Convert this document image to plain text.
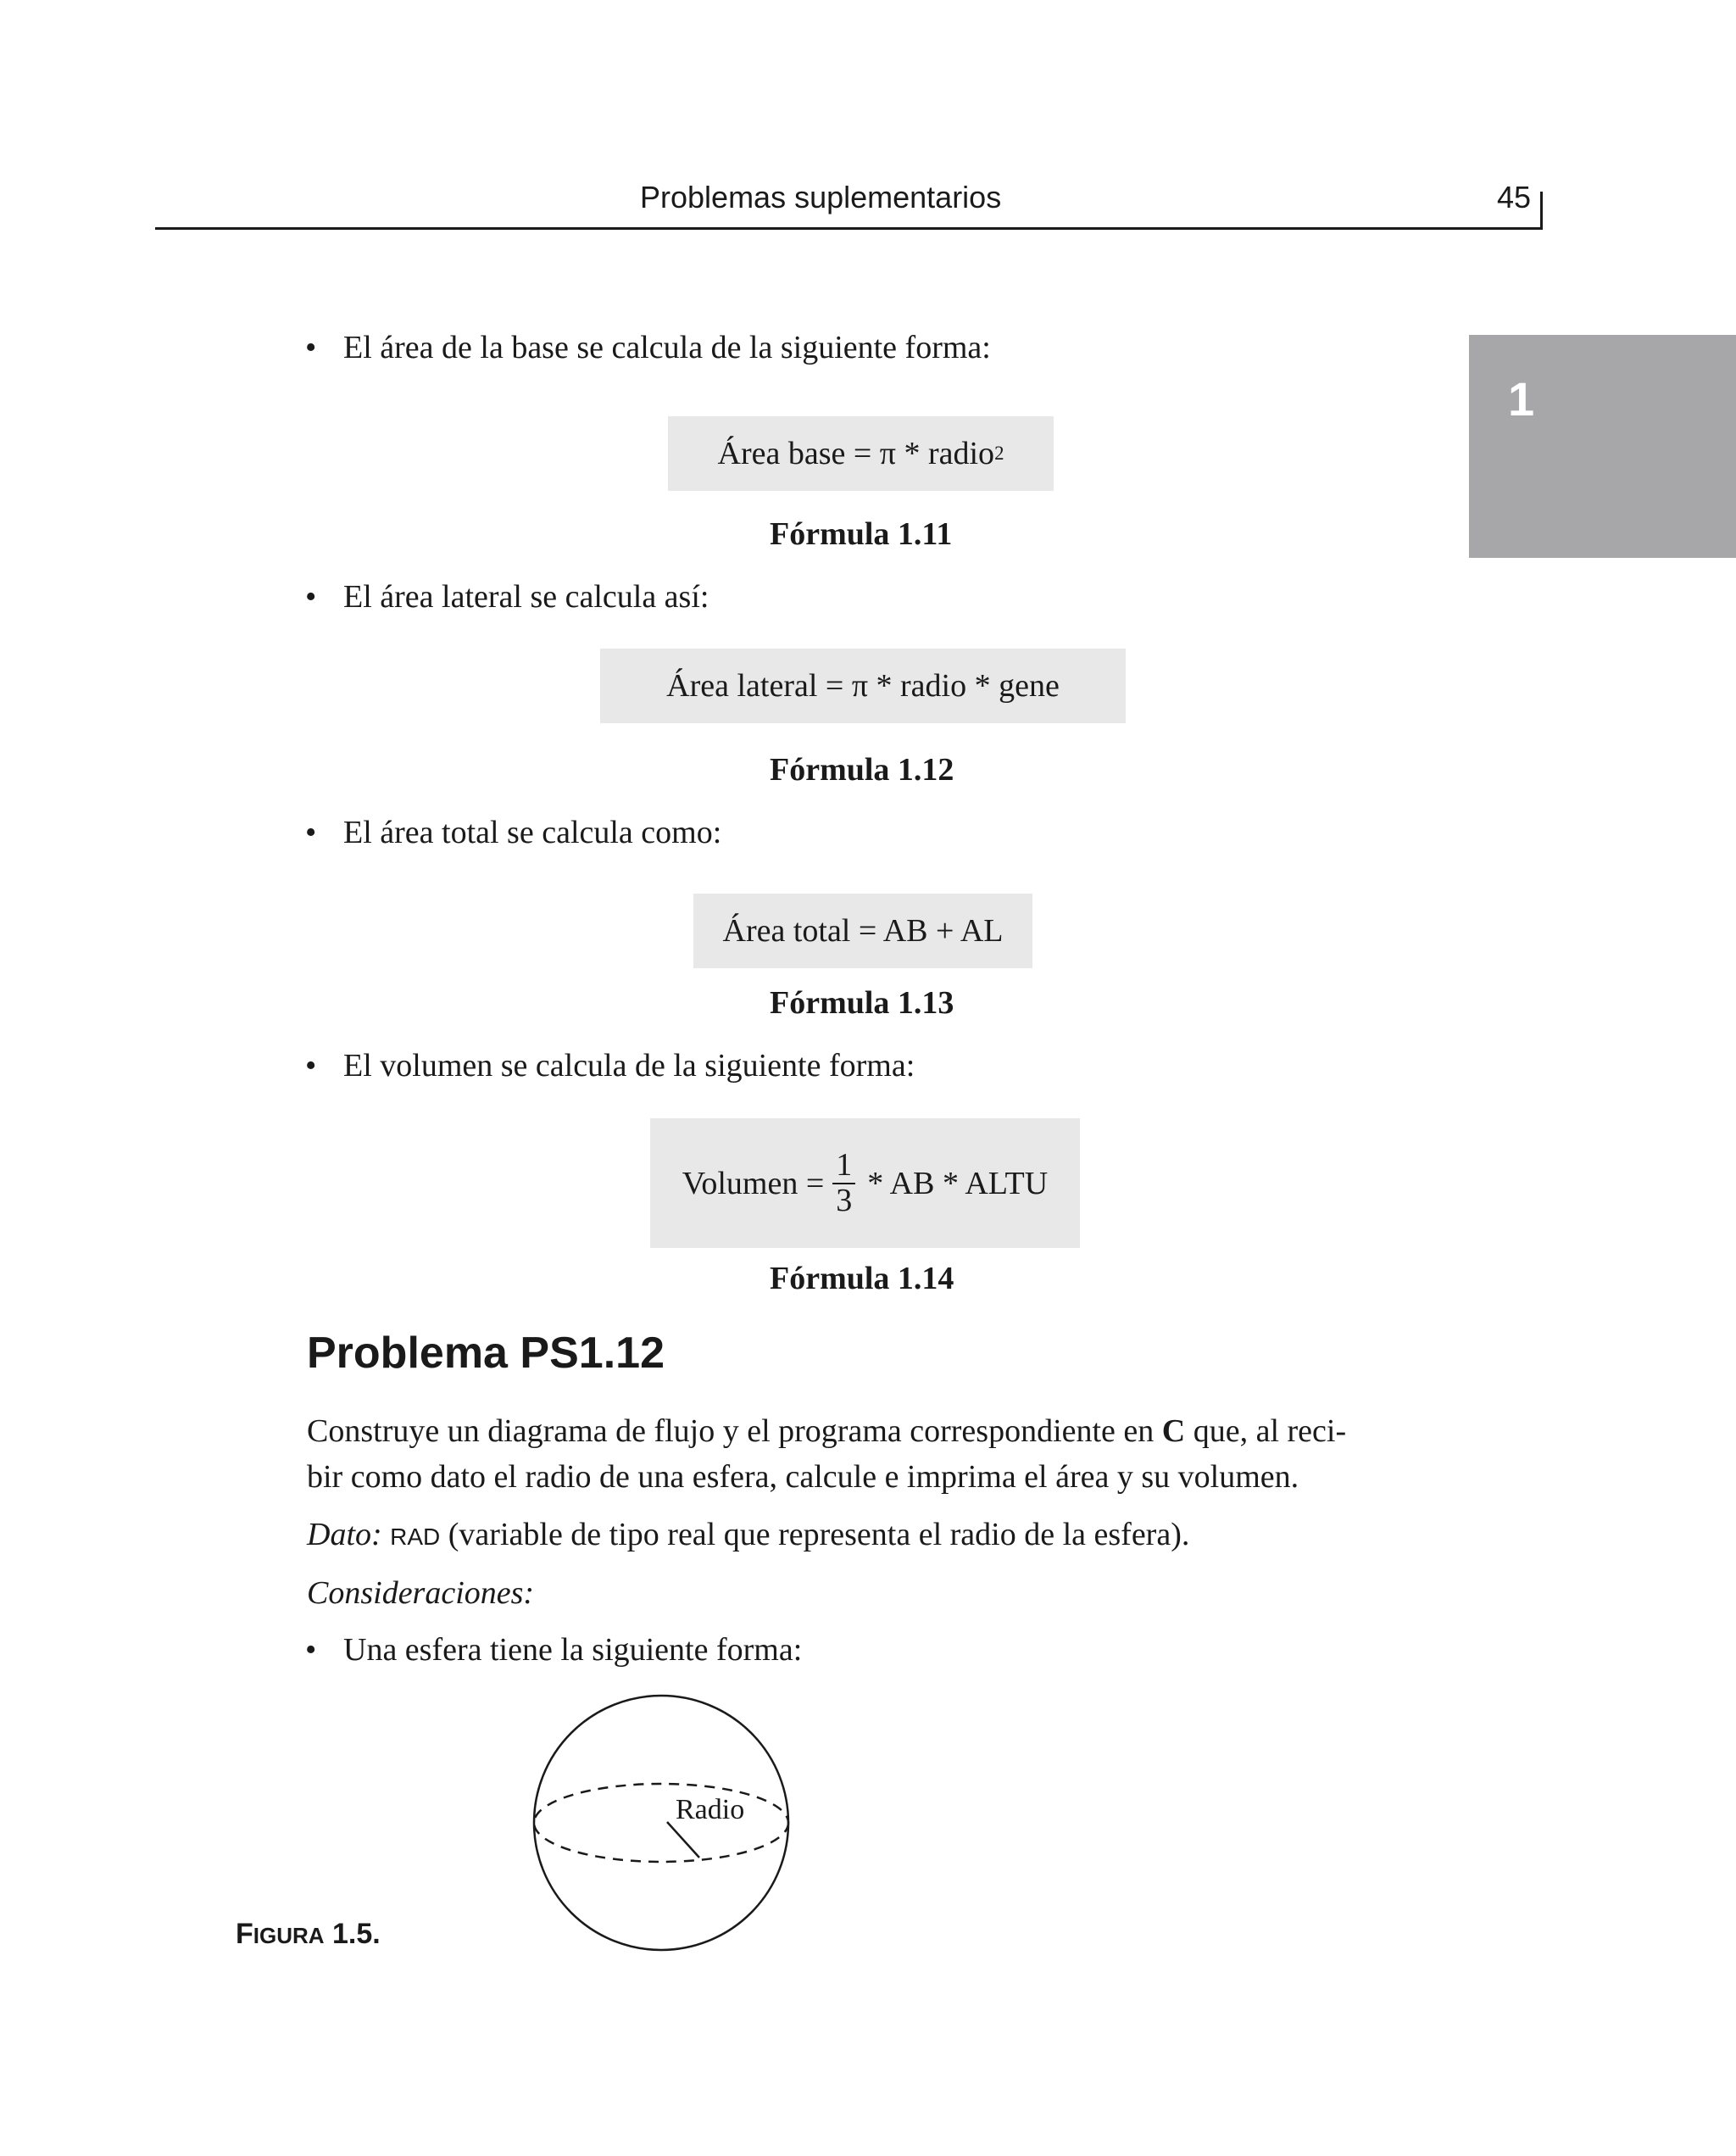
Problemas suplementarios	45
1
• El área de la base se calcula de la siguiente forma:
Área base = π * radio 2
Fórmula 1.11
• El área lateral se calcula así:
Área lateral = π * radio * gene
Fórmula 1.12
• El área total se calcula como:
Área total = AB + AL
Fórmula 1.13
• El volumen se calcula de la siguiente forma:
Volumen = $\frac{1}{3}$ * AB * ALTU
Fórmula 1.14
Problema PS1.12
Construye un diagrama de flujo y el programa correspondiente en C que, al reci-
bir como dato el radio de una esfera, calcule e imprima el área y su volumen.
Dato: RAD (variable de tipo real que representa el radio de la esfera).
Consideraciones:
• Una esfera tiene la siguiente forma:
Radio
FIGURA 1.5.
